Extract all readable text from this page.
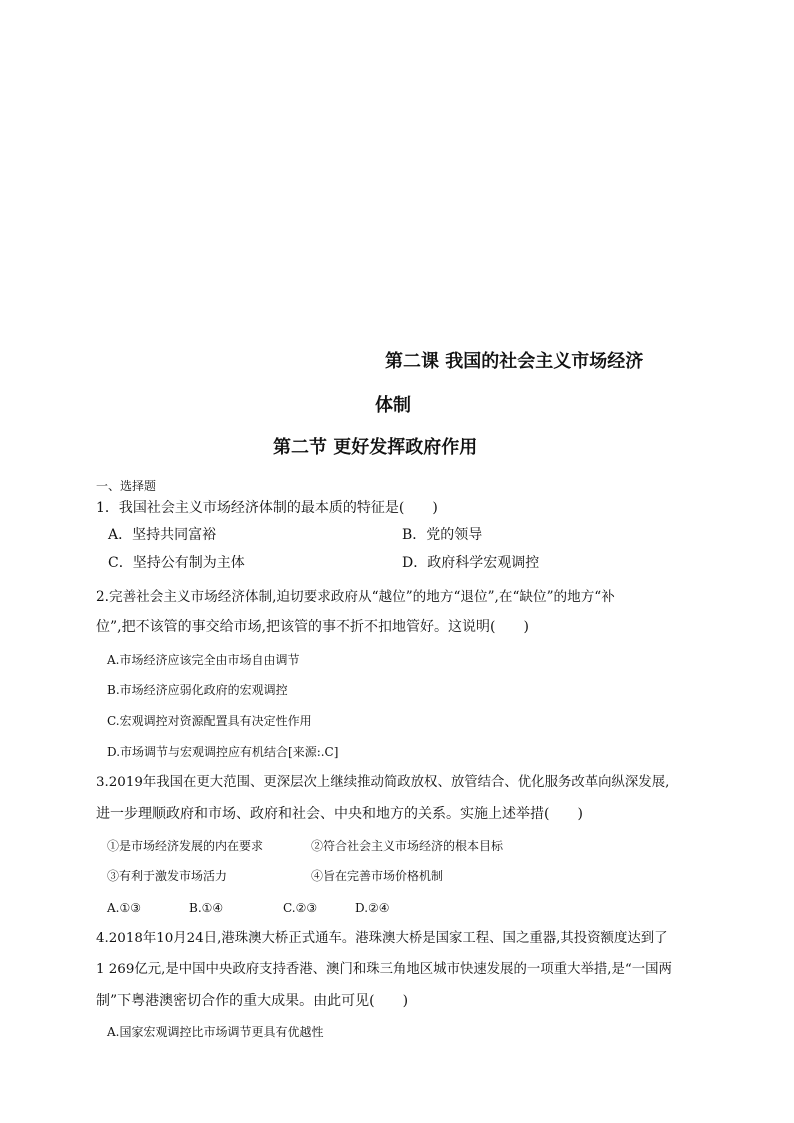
第二课 我国的社会主义市场经济
体制
第二节 更好发挥政府作用
一、选择题
1．我国社会主义市场经济体制的最本质的特征是(　　)
A．坚持共同富裕	B．党的领导
C．坚持公有制为主体	D．政府科学宏观调控
2.完善社会主义市场经济体制,迫切要求政府从“越位”的地方“退位”,在“缺位”的地方“补
位”,把不该管的事交给市场,把该管的事不折不扣地管好。这说明(　　)
A.市场经济应该完全由市场自由调节
B.市场经济应弱化政府的宏观调控
C.宏观调控对资源配置具有决定性作用
D.市场调节与宏观调控应有机结合[来源:.C]
3.2019年我国在更大范围、更深层次上继续推动简政放权、放管结合、优化服务改革向纵深发展,
进一步理顺政府和市场、政府和社会、中央和地方的关系。实施上述举措(　　)
①是市场经济发展的内在要求	②符合社会主义市场经济的根本目标
③有利于激发市场活力	④旨在完善市场价格机制
A.①③	B.①④	C.②③	D.②④
4.2018年10月24日,港珠澳大桥正式通车。港珠澳大桥是国家工程、国之重器,其投资额度达到了
1 269亿元,是中国中央政府支持香港、澳门和珠三角地区城市快速发展的一项重大举措,是“一国两
制”下粤港澳密切合作的重大成果。由此可见(　　)
A.国家宏观调控比市场调节更具有优越性
